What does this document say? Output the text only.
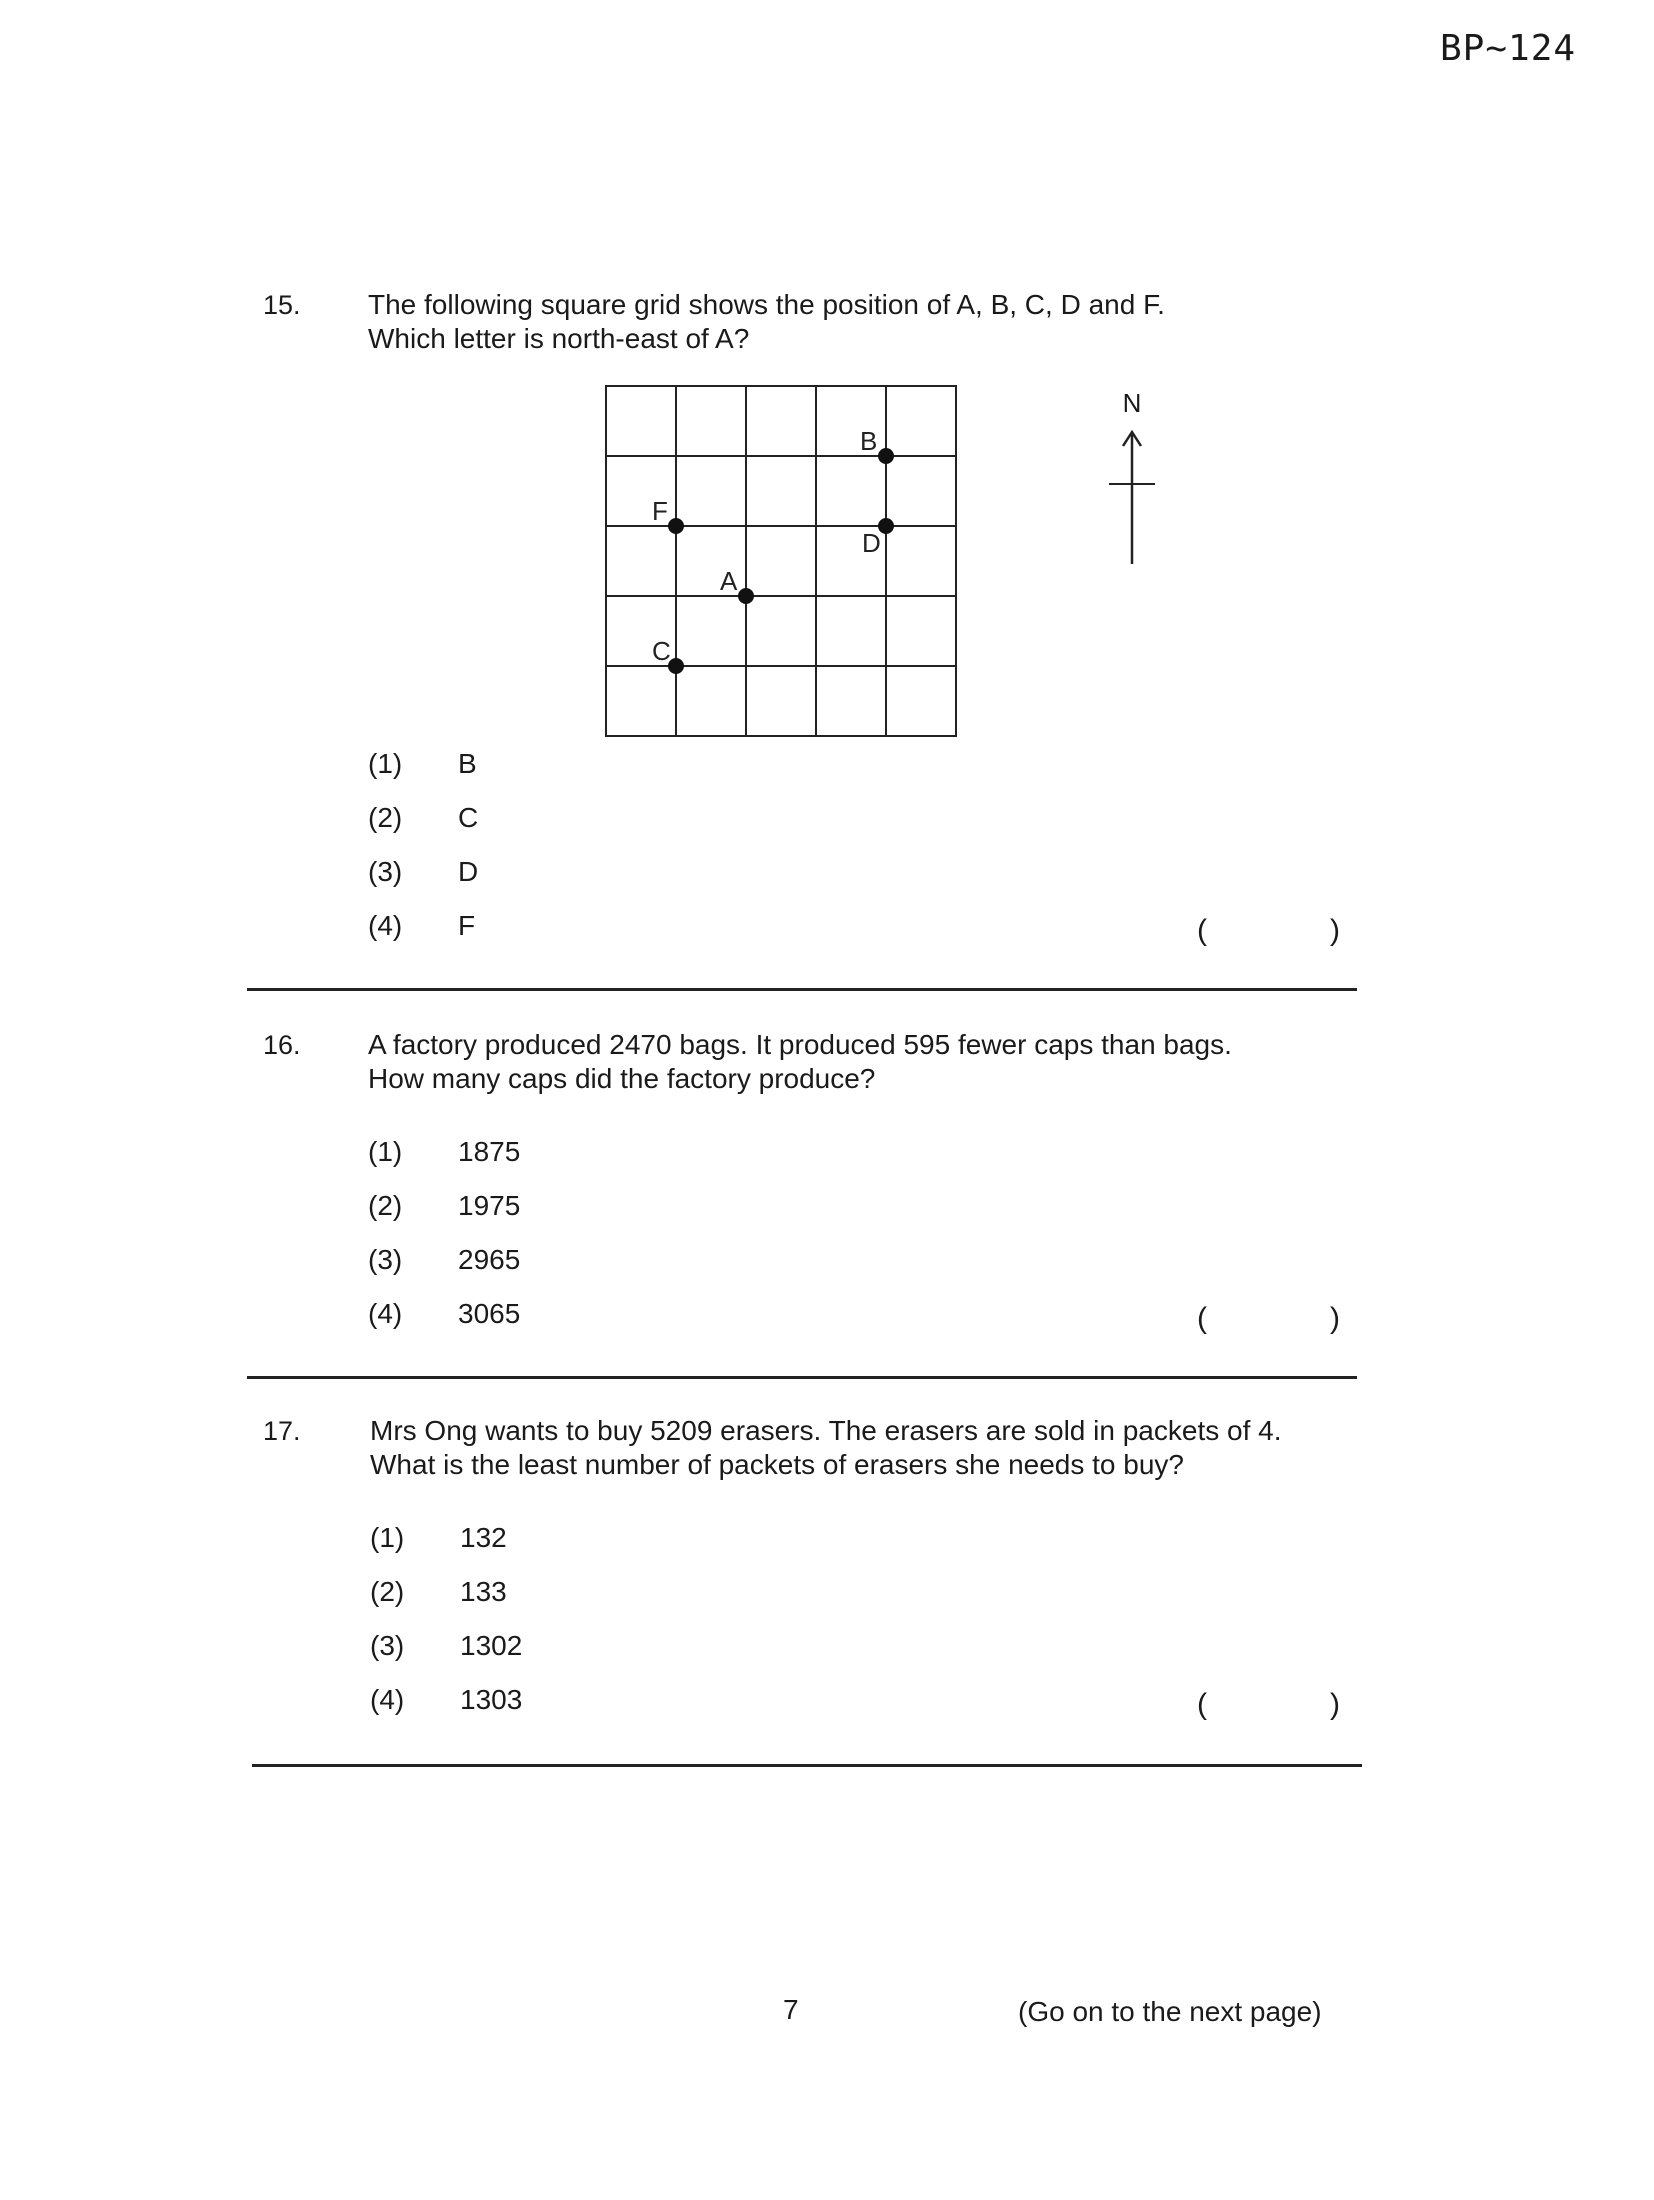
BP~124
15. The following square grid shows the position of A, B, C, D and F.
Which letter is north-east of A?
B
F
D
A
C
N
(1) B
(2) C
(3) D
(4) F	(	)
16. A factory produced 2470 bags. It produced 595 fewer caps than bags.
How many caps did the factory produce?
(1) 1875
(2) 1975
(3) 2965
(4) 3065	(	)
17. Mrs Ong wants to buy 5209 erasers. The erasers are sold in packets of 4.
What is the least number of packets of erasers she needs to buy?
(1) 132
(2) 133
(3) 1302
(4) 1303	(	)
7	(Go on to the next page)
